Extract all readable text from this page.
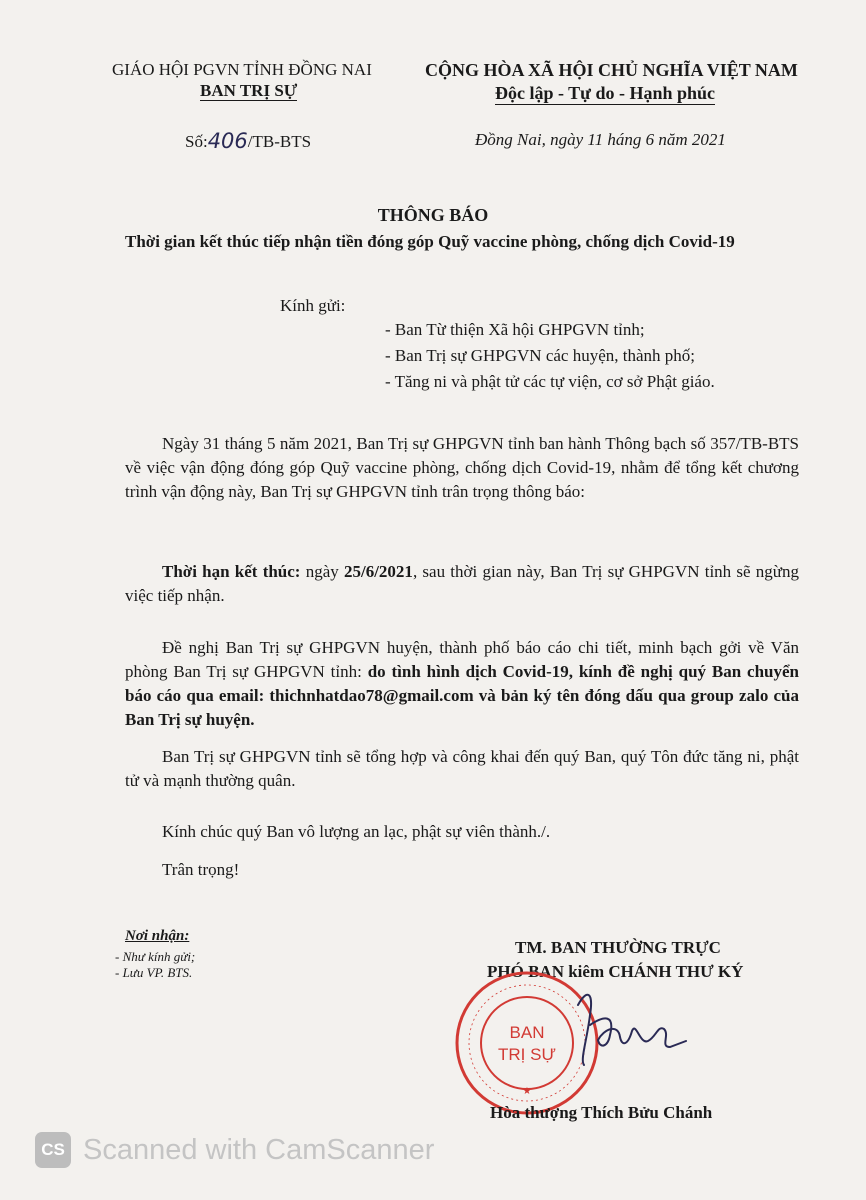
GIÁO HỘI PGVN TỈNH ĐỒNG NAI
BAN TRỊ SỰ
Số:406/TB-BTS
CỘNG HÒA XÃ HỘI CHỦ NGHĨA VIỆT NAM
Độc lập - Tự do - Hạnh phúc
Đồng Nai, ngày 11 háng 6 năm 2021
THÔNG BÁO
Thời gian kết thúc tiếp nhận tiền đóng góp Quỹ vaccine phòng, chống dịch Covid-19
Kính gửi:
- Ban Từ thiện Xã hội GHPGVN tỉnh;
- Ban Trị sự GHPGVN các huyện, thành phố;
- Tăng ni và phật tử các tự viện, cơ sở Phật giáo.
Ngày 31 tháng 5 năm 2021, Ban Trị sự GHPGVN tỉnh ban hành Thông bạch số 357/TB-BTS về việc vận động đóng góp Quỹ vaccine phòng, chống dịch Covid-19, nhằm để tổng kết chương trình vận động này, Ban Trị sự GHPGVN tỉnh trân trọng thông báo:
Thời hạn kết thúc: ngày 25/6/2021, sau thời gian này, Ban Trị sự GHPGVN tỉnh sẽ ngừng việc tiếp nhận.
Đề nghị Ban Trị sự GHPGVN huyện, thành phố báo cáo chi tiết, minh bạch gởi về Văn phòng Ban Trị sự GHPGVN tỉnh: do tình hình dịch Covid-19, kính đề nghị quý Ban chuyển báo cáo qua email: thichnhatdao78@gmail.com và bản ký tên đóng dấu qua group zalo của Ban Trị sự huyện.
Ban Trị sự GHPGVN tỉnh sẽ tổng hợp và công khai đến quý Ban, quý Tôn đức tăng ni, phật tử và mạnh thường quân.
Kính chúc quý Ban vô lượng an lạc, phật sự viên thành./.
Trân trọng!
Nơi nhận:
- Như kính gửi;
- Lưu VP. BTS.
TM. BAN THƯỜNG TRỰC
PHÓ BAN kiêm CHÁNH THƯ KÝ
BAN
TRỊ SỰ
★
Hòa thượng Thích Bửu Chánh
CS Scanned with CamScanner
